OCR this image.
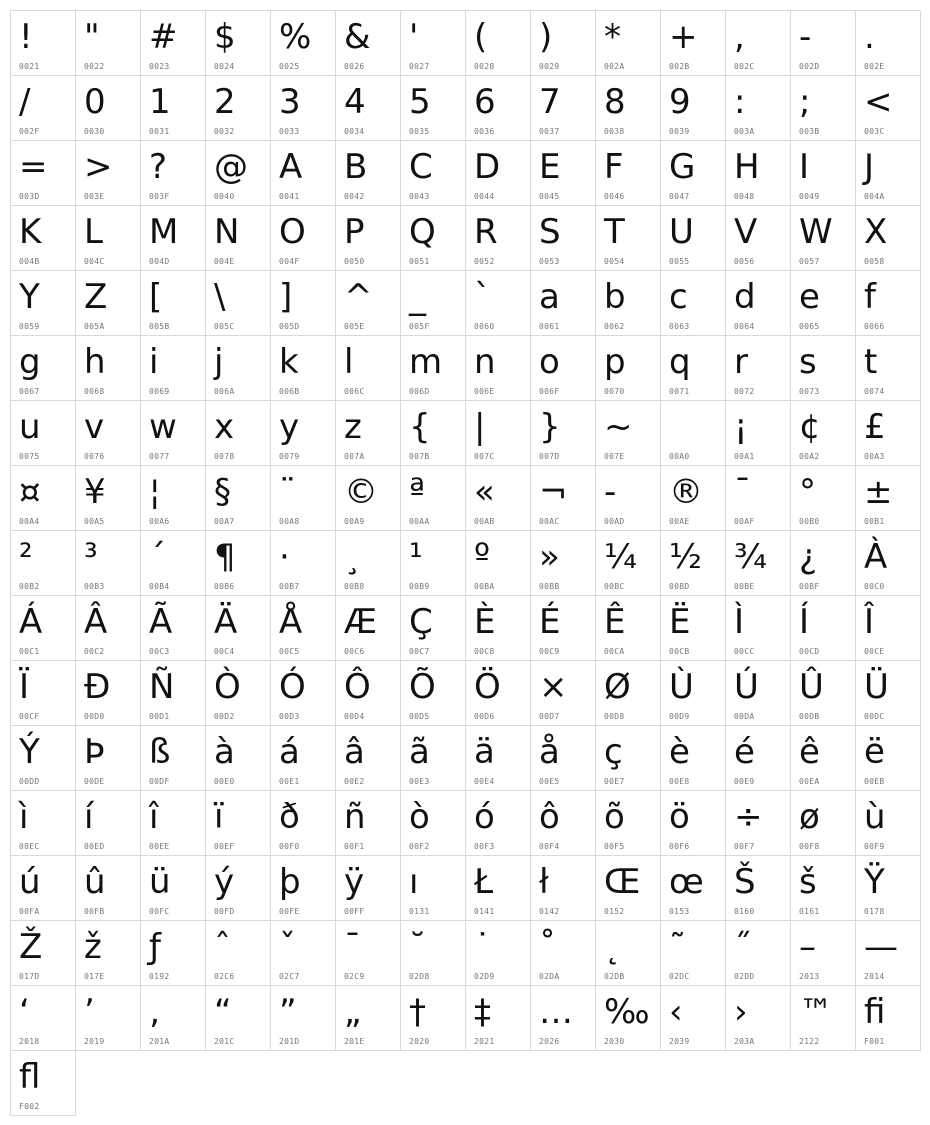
!
0021
"
0022
#
0023
$
0024
%
0025
&
0026
'
0027
(
0028
)
0029
*
002A
+
002B
,
002C
-
002D
.
002E
/
002F
0
0030
1
0031
2
0032
3
0033
4
0034
5
0035
6
0036
7
0037
8
0038
9
0039
:
003A
;
003B
<
003C
=
003D
>
003E
?
003F
@
0040
A
0041
B
0042
C
0043
D
0044
E
0045
F
0046
G
0047
H
0048
I
0049
J
004A
K
004B
L
004C
M
004D
N
004E
O
004F
P
0050
Q
0051
R
0052
S
0053
T
0054
U
0055
V
0056
W
0057
X
0058
Y
0059
Z
005A
[
005B
\
005C
]
005D
^
005E
_
005F
`
0060
a
0061
b
0062
c
0063
d
0064
e
0065
f
0066
g
0067
h
0068
i
0069
j
006A
k
006B
l
006C
m
006D
n
006E
o
006F
p
0070
q
0071
r
0072
s
0073
t
0074
u
0075
v
0076
w
0077
x
0078
y
0079
z
007A
{
007B
|
007C
}
007D
~
007E	00A0
¡
00A1
¢
00A2
£
00A3
¤
00A4
¥
00A5
¦
00A6
§
00A7
¨
00A8
©
00A9
ª
00AA
«
00AB
¬
00AC
-
00AD
®
00AE
¯
00AF
°
00B0
±
00B1
²
00B2
³
00B3
´
00B4
¶
00B6
·
00B7
¸
00B8
¹
00B9
º
00BA
»
00BB
¼
00BC
½
00BD
¾
00BE
¿
00BF
À
00C0
Á
00C1
Â
00C2
Ã
00C3
Ä
00C4
Å
00C5
Æ
00C6
Ç
00C7
È
00C8
É
00C9
Ê
00CA
Ë
00CB
Ì
00CC
Í
00CD
Î
00CE
Ï
00CF
Ð
00D0
Ñ
00D1
Ò
00D2
Ó
00D3
Ô
00D4
Õ
00D5
Ö
00D6
×
00D7
Ø
00D8
Ù
00D9
Ú
00DA
Û
00DB
Ü
00DC
Ý
00DD
Þ
00DE
ß
00DF
à
00E0
á
00E1
â
00E2
ã
00E3
ä
00E4
å
00E5
ç
00E7
è
00E8
é
00E9
ê
00EA
ë
00EB
ì
00EC
í
00ED
î
00EE
ï
00EF
ð
00F0
ñ
00F1
ò
00F2
ó
00F3
ô
00F4
õ
00F5
ö
00F6
÷
00F7
ø
00F8
ù
00F9
ú
00FA
û
00FB
ü
00FC
ý
00FD
þ
00FE
ÿ
00FF
ı
0131
Ł
0141
ł
0142
Œ
0152
œ
0153
Š
0160
š
0161
Ÿ
0178
Ž
017D
ž
017E
ƒ
0192
ˆ
02C6
ˇ
02C7
ˉ
02C9
˘
02D8
˙
02D9
˚
02DA
˛
02DB
˜
02DC
˝
02DD
–
2013
—
2014
‘
2018
’
2019
‚
201A
“
201C
”
201D
„
201E
†
2020
‡
2021
…
2026
‰
2030
‹
2039
›
203A
™
2122
ﬁ
F001
ﬂ
F002
